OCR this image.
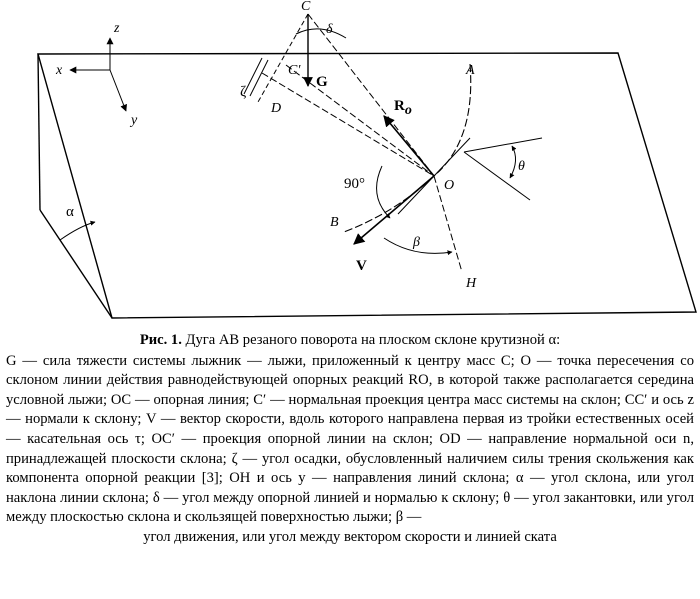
α
x
z
y
ζ
δ
C
C′
D
G
A
B
Ro
V
O
H
90°
β
θ
Рис. 1. Дуга AB резаного поворота на плоском склоне крутизной α:
G — сила тяжести системы лыжник — лыжи, приложенный к центру масс C; O — точка пересечения со склоном линии действия равнодействующей опорных реакций RO, в которой также располагается середина условной лыжи; OC — опорная линия; C′ — нормальная проекция центра масс системы на склон; CC′ и ось z — нормали к склону; V — вектор скорости, вдоль которого направлена первая из тройки естественных осей — касательная ось τ; OC′ — проекция опорной линии на склон; OD — направление нормальной оси n, принадлежащей плоскости склона; ζ — угол осадки, обусловленный наличием силы трения скольжения как компонента опорной реакции [3]; OH и ось y — направления линий склона; α — угол склона, или угол наклона линии склона; δ — угол между опорной линией и нормалью к склону; θ — угол закантовки, или угол между плоскостью склона и скользящей поверхностью лыжи; β —
угол движения, или угол между вектором скорости и линией ската
